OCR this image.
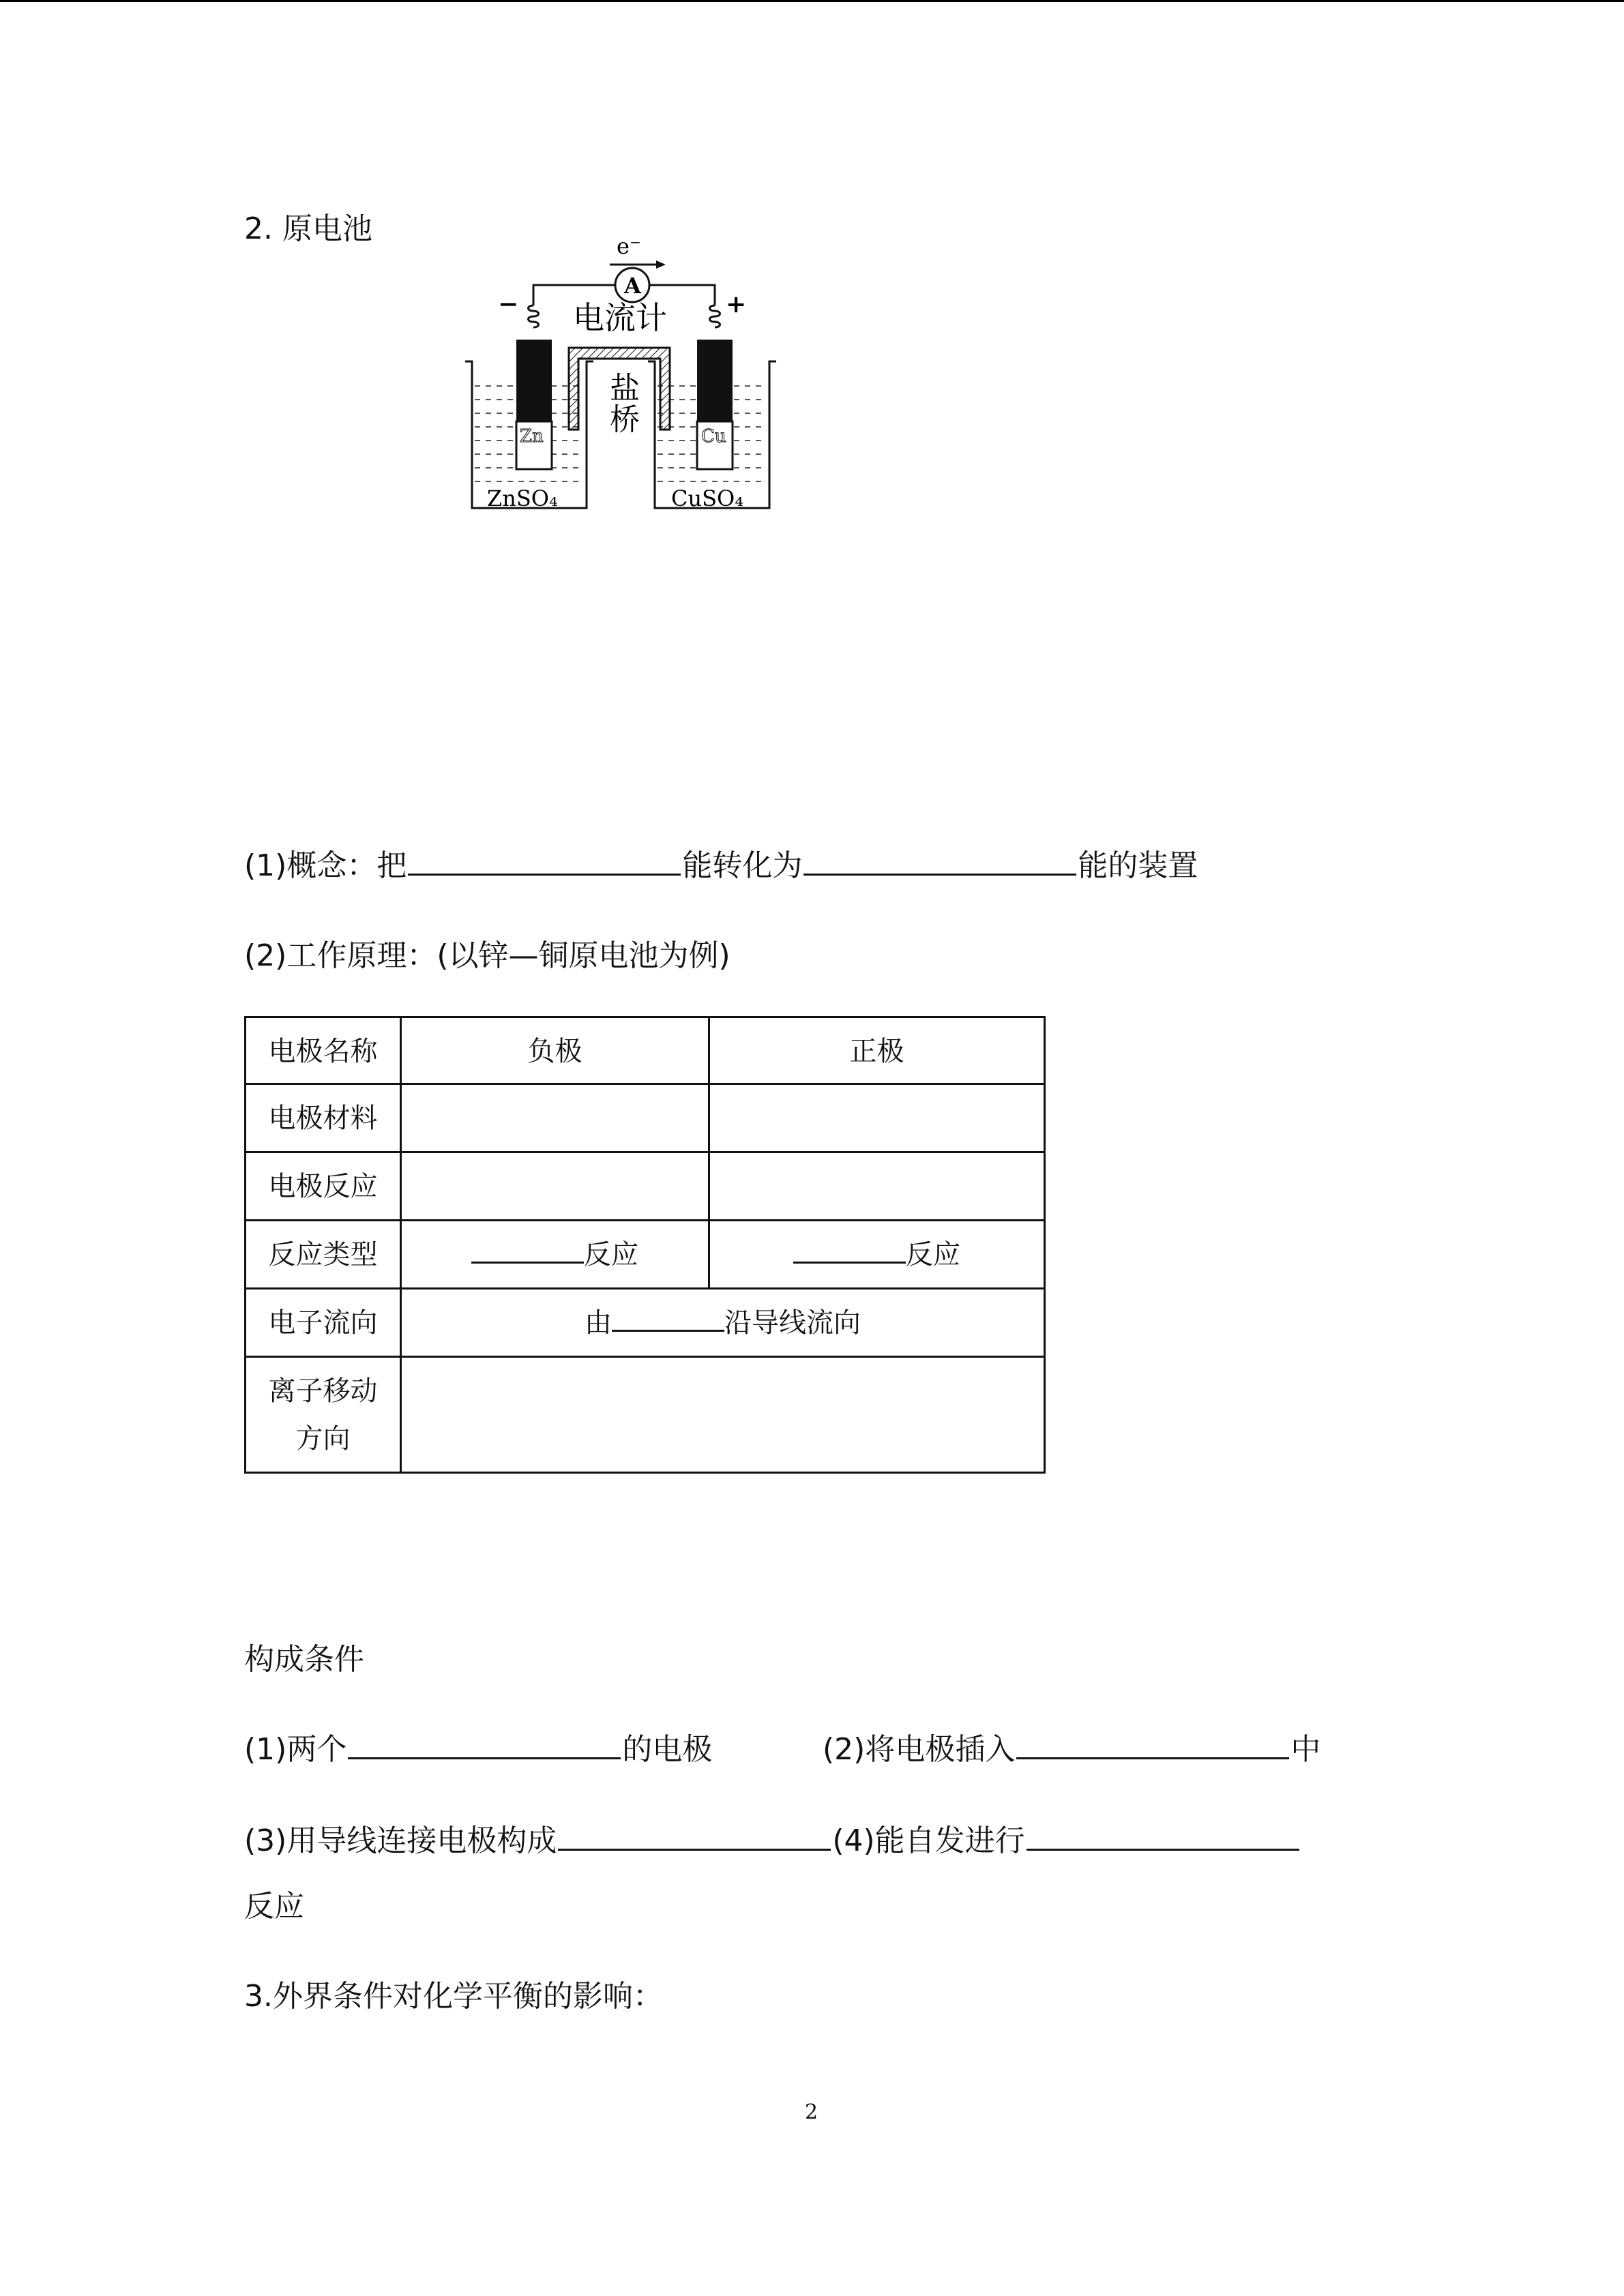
2. 原电池	e⁻
A
电流计
−	+
Zn	Cu
盐
桥
ZnSO₄	CuSO₄
(1)概念：把	能转化为	能的装置
(2)工作原理：(以锌—铜原电池为例)
电极名称	负极	正极
电极材料		
电极反应		
反应类型	反应	反应
电子流向	由 沿导线流向	
离子移动
方向		
构成条件
(1)两个	的电极	(2)将电极插入	中
(3)用导线连接电极构成	(4)能自发进行
反应
3.外界条件对化学平衡的影响：
2
